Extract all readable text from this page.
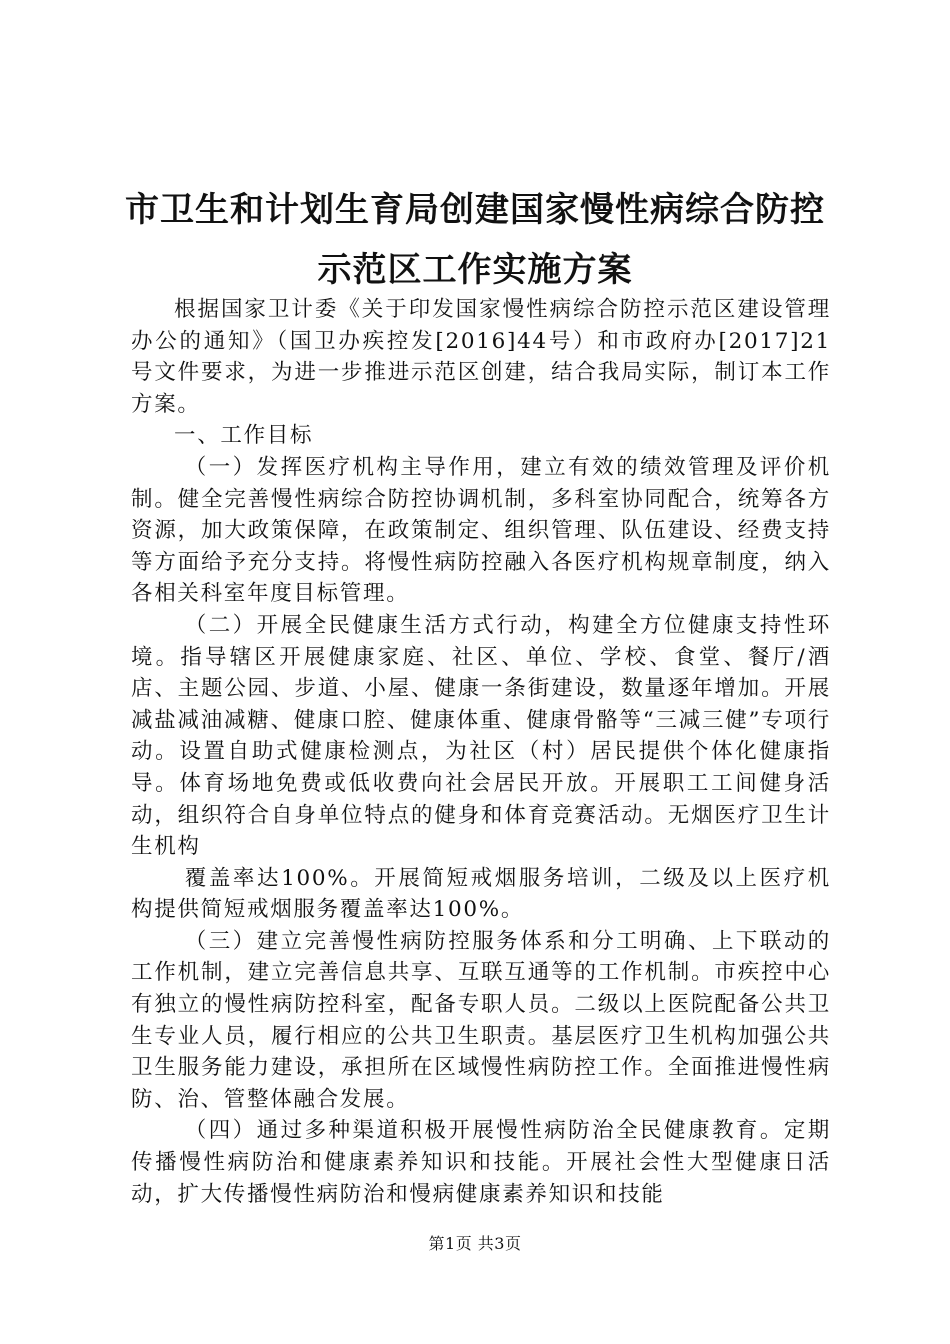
市卫生和计划生育局创建国家慢性病综合防控
示范区工作实施方案

根据国家卫计委《关于印发国家慢性病综合防控示范区建设管理办公的通知》（国卫办疾控发[2016]44号）和市政府办[2017]21号文件要求，为进一步推进示范区创建，结合我局实际，制订本工作方案。

一、工作目标

（一）发挥医疗机构主导作用，建立有效的绩效管理及评价机制。健全完善慢性病综合防控协调机制，多科室协同配合，统筹各方资源，加大政策保障，在政策制定、组织管理、队伍建设、经费支持等方面给予充分支持。将慢性病防控融入各医疗机构规章制度，纳入各相关科室年度目标管理。

（二）开展全民健康生活方式行动，构建全方位健康支持性环境。指导辖区开展健康家庭、社区、单位、学校、食堂、餐厅/酒店、主题公园、步道、小屋、健康一条街建设，数量逐年增加。开展减盐减油减糖、健康口腔、健康体重、健康骨骼等“三减三健”专项行动。设置自助式健康检测点，为社区（村）居民提供个体化健康指导。体育场地免费或低收费向社会居民开放。开展职工工间健身活动，组织符合自身单位特点的健身和体育竞赛活动。无烟医疗卫生计生机构

覆盖率达100%。开展简短戒烟服务培训，二级及以上医疗机构提供简短戒烟服务覆盖率达100%。

（三）建立完善慢性病防控服务体系和分工明确、上下联动的工作机制，建立完善信息共享、互联互通等的工作机制。市疾控中心有独立的慢性病防控科室，配备专职人员。二级以上医院配备公共卫生专业人员，履行相应的公共卫生职责。基层医疗卫生机构加强公共卫生服务能力建设，承担所在区域慢性病防控工作。全面推进慢性病防、治、管整体融合发展。

（四）通过多种渠道积极开展慢性病防治全民健康教育。定期传播慢性病防治和健康素养知识和技能。开展社会性大型健康日活动，扩大传播慢性病防治和慢病健康素养知识和技能

第1页 共3页
